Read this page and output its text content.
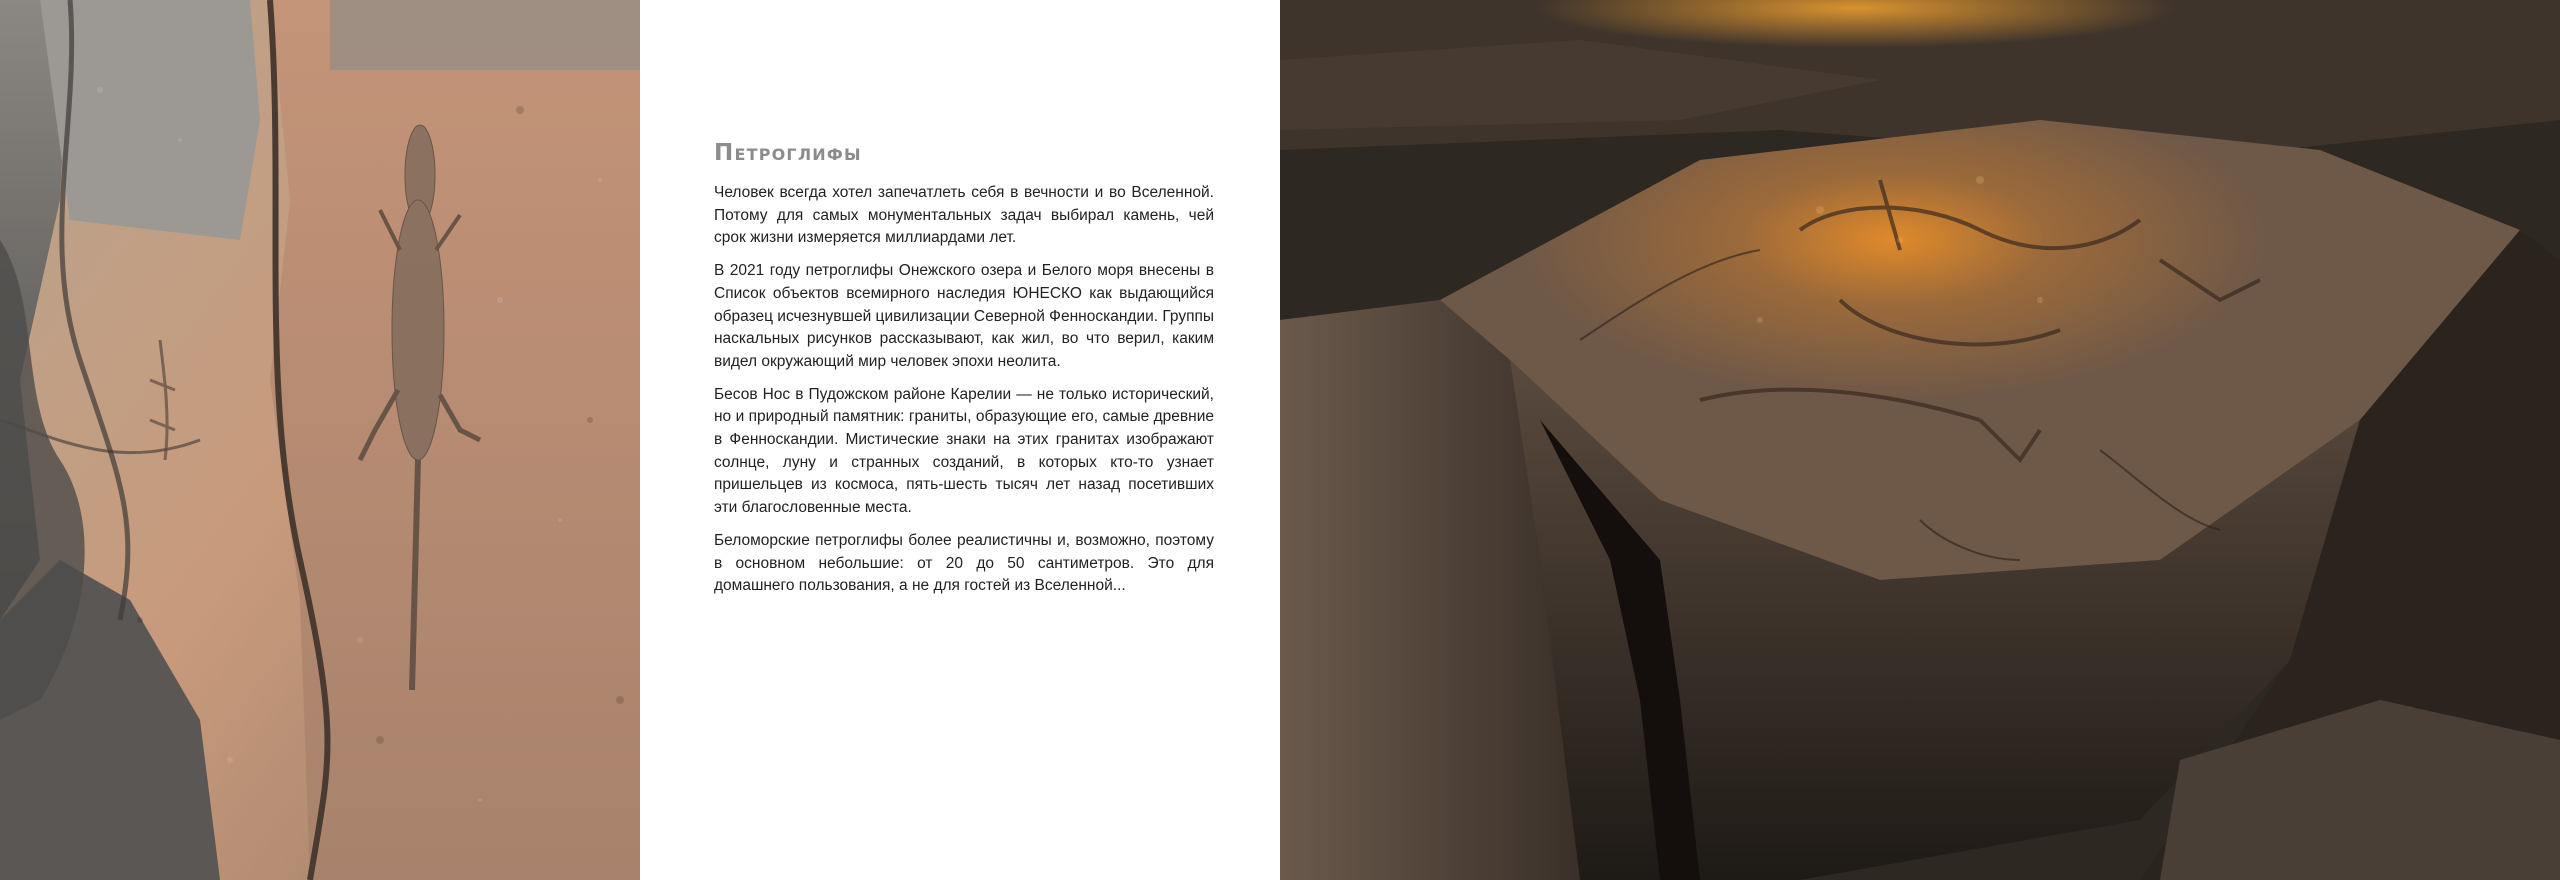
Петроглифы

Человек всегда хотел запечатлеть себя в вечности и во Вселенной. Потому для самых монументальных задач выбирал камень, чей срок жизни измеряется миллиардами лет.

В 2021 году петроглифы Онежского озера и Белого моря внесены в Список объектов всемирного наследия ЮНЕСКО как выдающийся образец исчезнувшей цивилизации Северной Фенноскандии. Группы наскальных рисунков рассказывают, как жил, во что верил, каким видел окружающий мир человек эпохи неолита.

Бесов Нос в Пудожском районе Карелии — не только исторический, но и природный памятник: граниты, образующие его, самые древние в Фенноскандии. Мистические знаки на этих гранитах изображают солнце, луну и странных созданий, в которых кто-то узнает пришельцев из космоса, пять-шесть тысяч лет назад посетивших эти благословенные места.

Беломорские петроглифы более реалистичны и, возможно, поэтому в основном небольшие: от 20 до 50 сантиметров. Это для домашнего пользования, а не для гостей из Вселенной...
